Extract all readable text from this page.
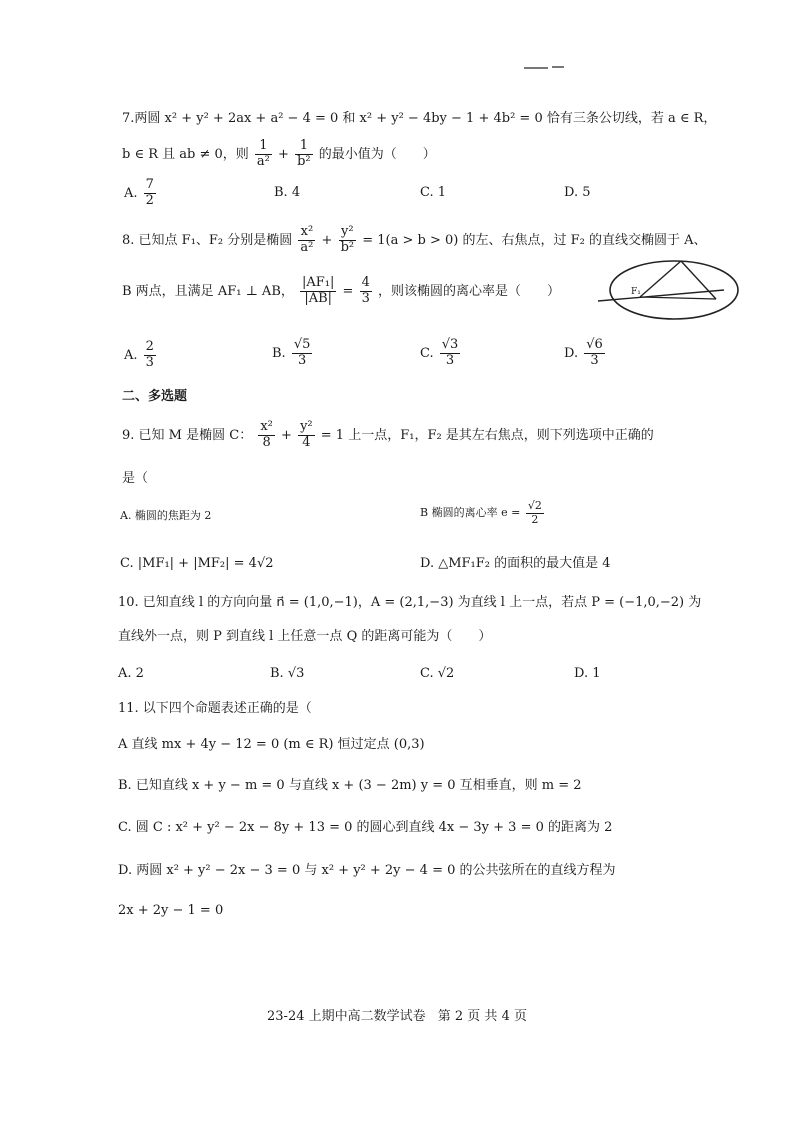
7.两圆 x² + y² + 2ax + a² − 4 = 0 和 x² + y² − 4by − 1 + 4b² = 0 恰有三条公切线，若 a ∈ R，
b ∈ R 且 ab ≠ 0，则 $\frac{1}{\text{a²}} + \frac{1}{\text{b²}}$ 的最小值为（　　）
A. $\frac{7}{2}$	B. 4	C. 1	D. 5
8. 已知点 F₁、F₂ 分别是椭圆 $\frac{\text{x²}}{\text{a²}} + \frac{\text{y²}}{\text{b²}} = 1(a > b > 0)$ 的左、右焦点，过 F₂ 的直线交椭圆于 A、
B 两点，且满足 AF₁ ⊥ AB， $\frac{\text{|AF₁|}}{|AB|} = \frac{4}{3}$ ，则该椭圆的离心率是（　　）	F₁
A. $\frac{2}{3}$	B. $\frac{√5}{3}$	C. $\frac{√3}{3}$	D. $\frac{√6}{3}$
二、多选题
9. 已知 M 是椭圆 C： $\frac{\text{x²}}{8} + \frac{\text{y²}}{4} = 1$ 上一点，F₁，F₂ 是其左右焦点，则下列选项中正确的
是（
A. 椭圆的焦距为 2	B 椭圆的离心率 $e = \frac{√2}{2}$
C. |MF₁| + |MF₂| = 4√2	D. △MF₁F₂ 的面积的最大值是 4
10. 已知直线 l 的方向向量 n⃗ = (1,0,−1)，A = (2,1,−3) 为直线 l 上一点，若点 P = (−1,0,−2) 为
直线外一点，则 P 到直线 l 上任意一点 Q 的距离可能为（　　）
A. 2	B. √3	C. √2	D. 1
11. 以下四个命题表述正确的是（
A 直线 mx + 4y − 12 = 0 (m ∈ R) 恒过定点 (0,3)
B. 已知直线 x + y − m = 0 与直线 x + (3 − 2m) y = 0 互相垂直，则 m = 2
C. 圆 C : x² + y² − 2x − 8y + 13 = 0 的圆心到直线 4x − 3y + 3 = 0 的距离为 2
D. 两圆 x² + y² − 2x − 3 = 0 与 x² + y² + 2y − 4 = 0 的公共弦所在的直线方程为
2x + 2y − 1 = 0
23-24 上期中高二数学试卷 第 2 页 共 4 页
